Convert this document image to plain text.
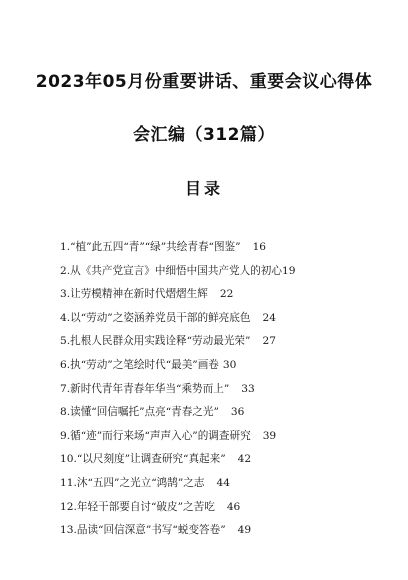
2023年05月份重要讲话、重要会议心得体
会汇编（312篇）
目录
1.“植”此五四“青”“绿”共绘青春“图鉴” 16
2.从《共产党宣言》中细悟中国共产党人的初心19
3.让劳模精神在新时代熠熠生辉 22
4.以“劳动”之姿涵养党员干部的鲜亮底色 24
5.扎根人民群众用实践诠释“劳动最光荣” 27
6.执“劳动”之笔绘时代“最美”画卷 30
7.新时代青年青春年华当“乘势而上” 33
8.读懂“回信嘱托”点亮“青春之光” 36
9.循“迹”而行来场“声声入心”的调查研究 39
10.“以尺刻度”让调查研究“真起来” 42
11.沐“五四”之光立“鸿鹄”之志 44
12.年轻干部要自讨“破皮”之苦吃 46
13.品读“回信深意”书写“蜕变答卷” 49
